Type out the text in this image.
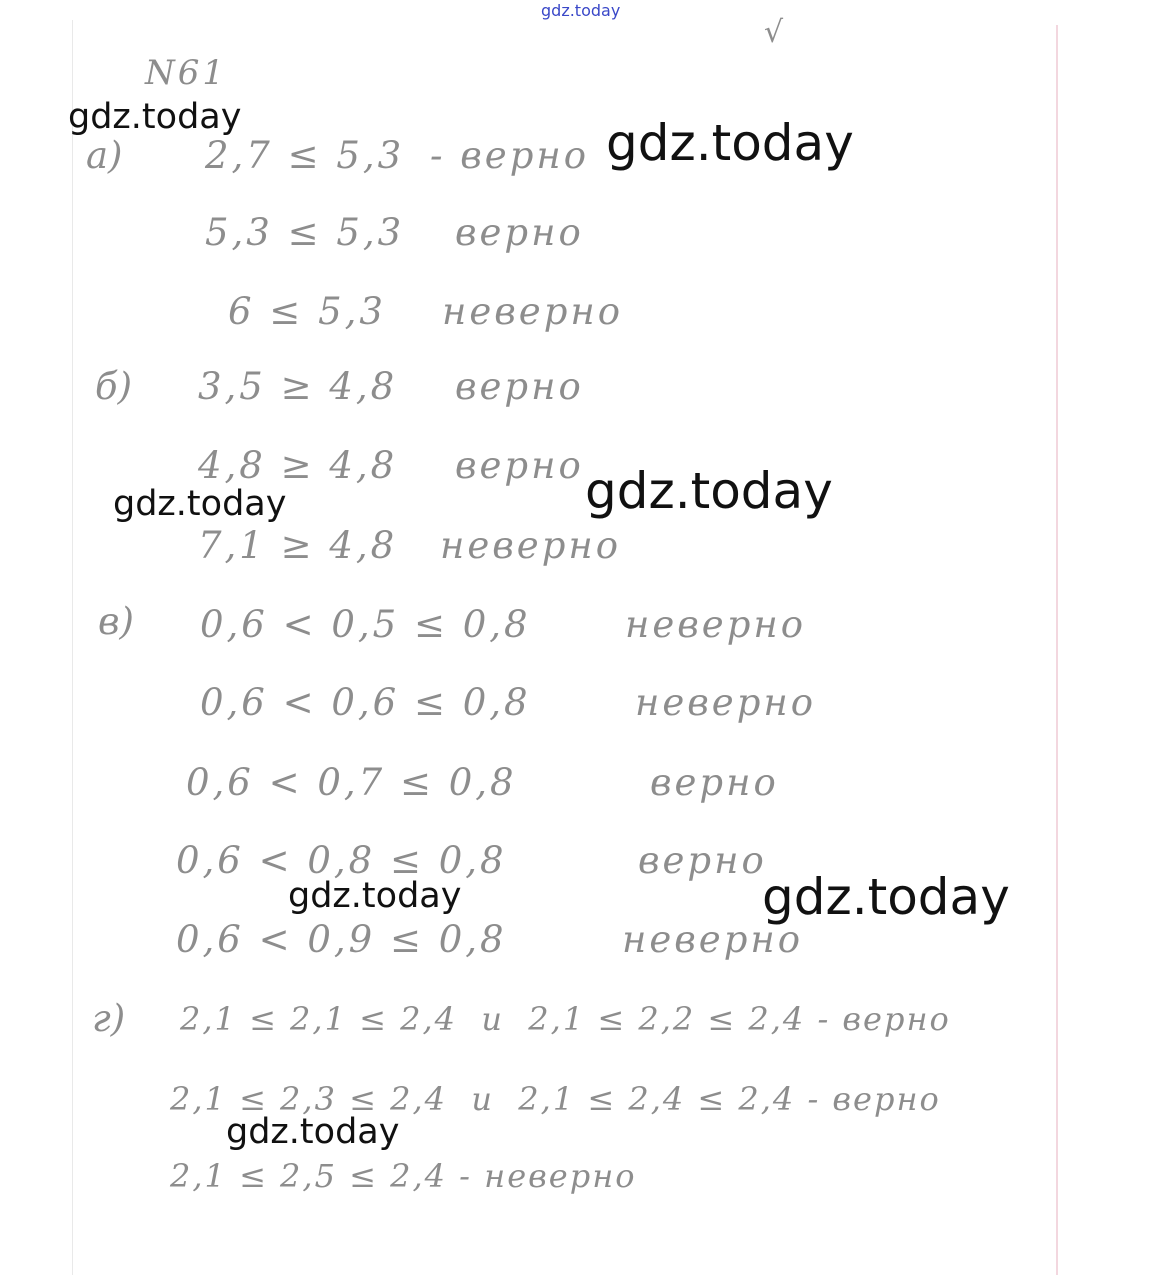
gdz.today
√
N61
а) 2,7 ≤ 5,3 - верно
5,3 ≤ 5,3 верно
6 ≤ 5,3 неверно
б) 3,5 ≥ 4,8 верно
4,8 ≥ 4,8 верно
7,1 ≥ 4,8 неверно
в) 0,6 < 0,5 ≤ 0,8	неверно
0,6 < 0,6 ≤ 0,8	неверно
0,6 < 0,7 ≤ 0,8	верно
0,6 < 0,8 ≤ 0,8	верно
0,6 < 0,9 ≤ 0,8	неверно
г) 2,1 ≤ 2,1 ≤ 2,4  и  2,1 ≤ 2,2 ≤ 2,4 - верно
2,1 ≤ 2,3 ≤ 2,4  и  2,1 ≤ 2,4 ≤ 2,4 - верно
2,1 ≤ 2,5 ≤ 2,4 - неверно
gdz.today	gdz.today
gdz.today
gdz.today
gdz.today
gdz.today
gdz.today
